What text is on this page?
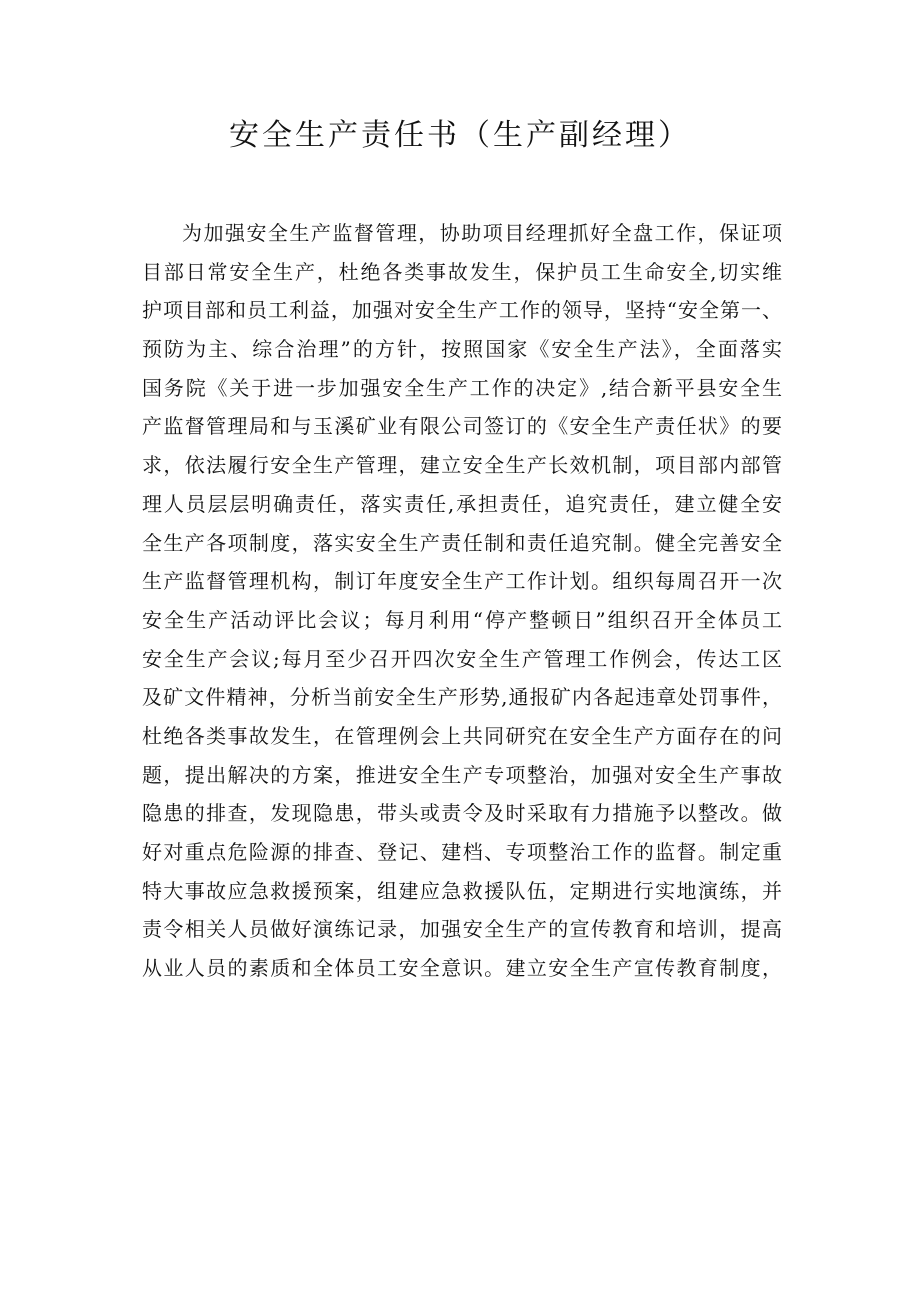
安全生产责任书（生产副经理）

为加强安全生产监督管理，协助项目经理抓好全盘工作，保证项

目部日常安全生产，杜绝各类事故发生，保护员工生命安全,切实维

护项目部和员工利益，加强对安全生产工作的领导，坚持“安全第一、

预防为主、综合治理”的方针，按照国家《安全生产法》，全面落实

国务院《关于进一步加强安全生产工作的决定》,结合新平县安全生

产监督管理局和与玉溪矿业有限公司签订的《安全生产责任状》的要

求，依法履行安全生产管理，建立安全生产长效机制，项目部内部管

理人员层层明确责任，落实责任,承担责任，追究责任，建立健全安

全生产各项制度，落实安全生产责任制和责任追究制。健全完善安全

生产监督管理机构，制订年度安全生产工作计划。组织每周召开一次

安全生产活动评比会议；每月利用“停产整顿日”组织召开全体员工

安全生产会议;每月至少召开四次安全生产管理工作例会，传达工区

及矿文件精神，分析当前安全生产形势,通报矿内各起违章处罚事件，

杜绝各类事故发生，在管理例会上共同研究在安全生产方面存在的问

题，提出解决的方案，推进安全生产专项整治，加强对安全生产事故

隐患的排查，发现隐患，带头或责令及时采取有力措施予以整改。做

好对重点危险源的排查、登记、建档、专项整治工作的监督。制定重

特大事故应急救援预案，组建应急救援队伍，定期进行实地演练，并

责令相关人员做好演练记录，加强安全生产的宣传教育和培训，提高

从业人员的素质和全体员工安全意识。建立安全生产宣传教育制度，
